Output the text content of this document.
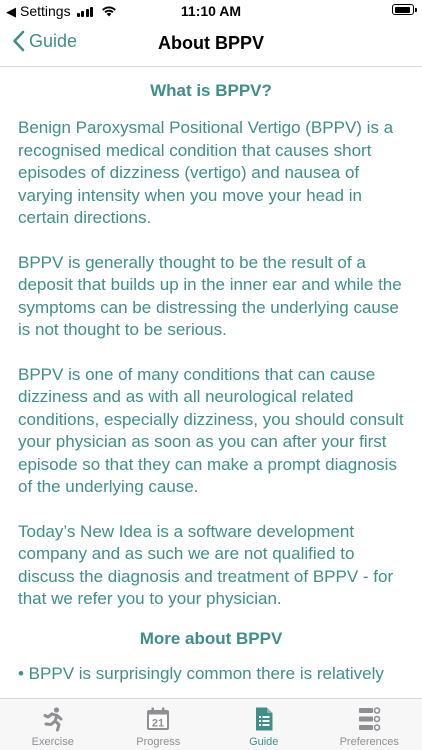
◀ Settings	11:10 AM
Guide	About BPPV
What is BPPV?

Benign Paroxysmal Positional Vertigo (BPPV) is a recognised medical condition that causes short episodes of dizziness (vertigo) and nausea of varying intensity when you move your head in certain directions.

BPPV is generally thought to be the result of a deposit that builds up in the inner ear and while the symptoms can be distressing the underlying cause is not thought to be serious.

BPPV is one of many conditions that can cause dizziness and as with all neurological related conditions, especially dizziness, you should consult your physician as soon as you can after your first episode so that they can make a prompt diagnosis of the underlying cause.

Today’s New Idea is a software development company and as such we are not qualified to discuss the diagnosis and treatment of BPPV - for that we refer you to your physician.

More about BPPV
• BPPV is surprisingly common there is relatively
Exercise
21
Progress	Guide	Preferences
